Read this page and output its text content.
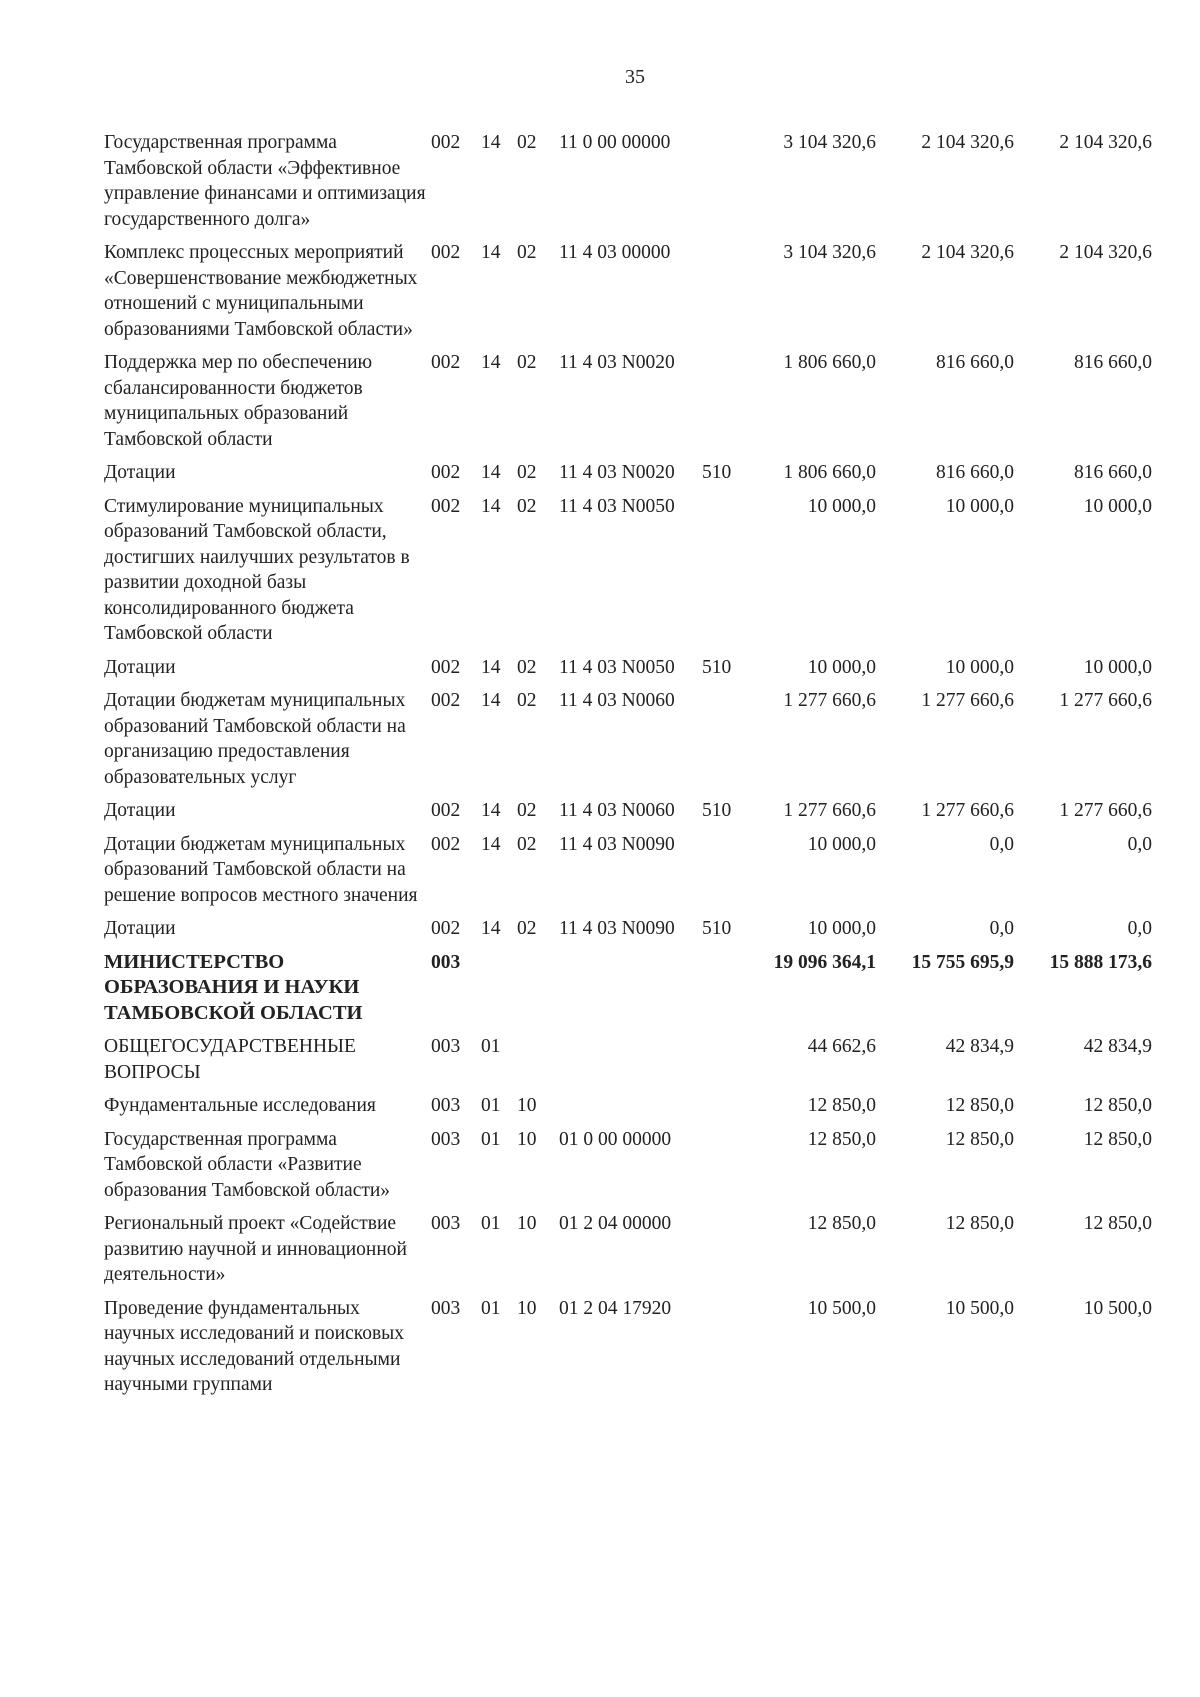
35
Государственная программа Тамбовской области «Эффективное управление финансами и оптимизация государственного долга»	002	14	02	11 0 00 00000		3 104 320,6	2 104 320,6	2 104 320,6
Комплекс процессных мероприятий «Совершенствование межбюджетных отношений с муниципальными образованиями Тамбовской области»	002	14	02	11 4 03 00000		3 104 320,6	2 104 320,6	2 104 320,6
Поддержка мер по обеспечению сбалансированности бюджетов муниципальных образований Тамбовской области	002	14	02	11 4 03 N0020		1 806 660,0	816 660,0	816 660,0
Дотации	002	14	02	11 4 03 N0020	510	1 806 660,0	816 660,0	816 660,0
Стимулирование муниципальных образований Тамбовской области, достигших наилучших результатов в развитии доходной базы консолидированного бюджета Тамбовской области	002	14	02	11 4 03 N0050		10 000,0	10 000,0	10 000,0
Дотации	002	14	02	11 4 03 N0050	510	10 000,0	10 000,0	10 000,0
Дотации бюджетам муниципальных образований Тамбовской области на организацию предоставления образовательных услуг	002	14	02	11 4 03 N0060		1 277 660,6	1 277 660,6	1 277 660,6
Дотации	002	14	02	11 4 03 N0060	510	1 277 660,6	1 277 660,6	1 277 660,6
Дотации бюджетам муниципальных образований Тамбовской области на решение вопросов местного значения	002	14	02	11 4 03 N0090		10 000,0	0,0	0,0
Дотации	002	14	02	11 4 03 N0090	510	10 000,0	0,0	0,0
МИНИСТЕРСТВО ОБРАЗОВАНИЯ И НАУКИ ТАМБОВСКОЙ ОБЛАСТИ	003					19 096 364,1	15 755 695,9	15 888 173,6
ОБЩЕГОСУДАРСТВЕННЫЕ ВОПРОСЫ	003	01				44 662,6	42 834,9	42 834,9
Фундаментальные исследования	003	01	10			12 850,0	12 850,0	12 850,0
Государственная программа Тамбовской области «Развитие образования Тамбовской области»	003	01	10	01 0 00 00000		12 850,0	12 850,0	12 850,0
Региональный проект «Содействие развитию научной и инновационной деятельности»	003	01	10	01 2 04 00000		12 850,0	12 850,0	12 850,0
Проведение фундаментальных научных исследований и поисковых научных исследований отдельными научными группами	003	01	10	01 2 04 17920		10 500,0	10 500,0	10 500,0
